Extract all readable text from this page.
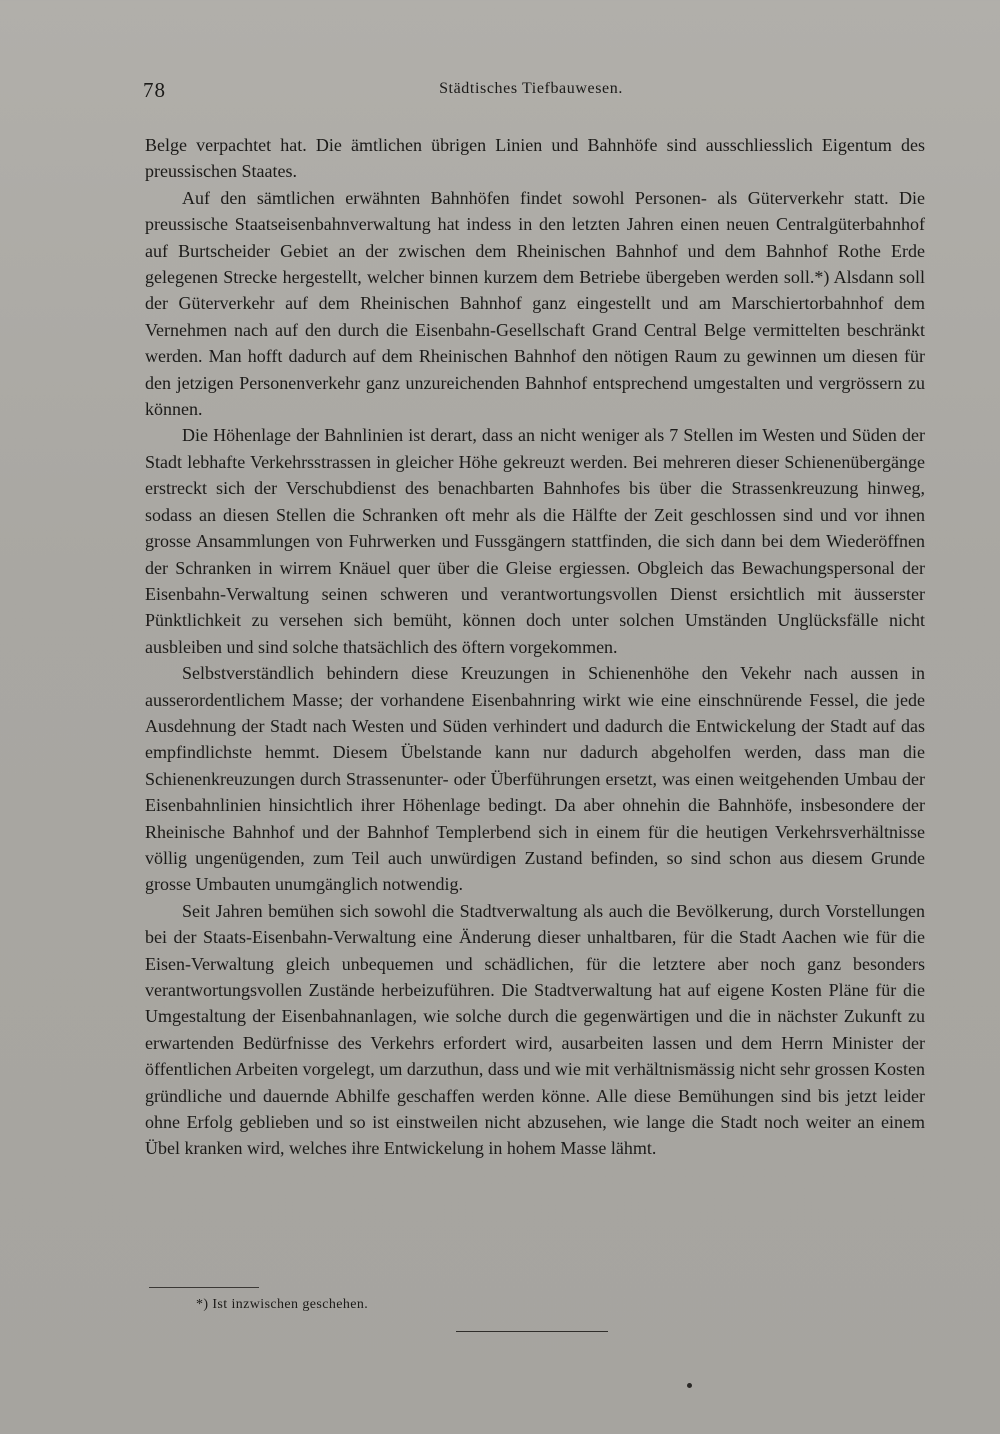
78	Städtisches Tiefbauwesen.

Belge verpachtet hat. Die ämtlichen übrigen Linien und Bahnhöfe sind ausschliesslich Eigentum des preussischen Staates.

Auf den sämtlichen erwähnten Bahnhöfen findet sowohl Personen- als Güterverkehr statt. Die preussische Staatseisenbahnverwaltung hat indess in den letzten Jahren einen neuen Centralgüterbahnhof auf Burtscheider Gebiet an der zwischen dem Rheinischen Bahnhof und dem Bahnhof Rothe Erde gelegenen Strecke hergestellt, welcher binnen kurzem dem Betriebe übergeben werden soll.*) Alsdann soll der Güterverkehr auf dem Rheinischen Bahnhof ganz eingestellt und am Marschiertorbahnhof dem Vernehmen nach auf den durch die Eisenbahn-Gesellschaft Grand Central Belge vermittelten beschränkt werden. Man hofft dadurch auf dem Rheinischen Bahnhof den nötigen Raum zu gewinnen um diesen für den jetzigen Personenverkehr ganz unzureichenden Bahnhof entsprechend umgestalten und vergrössern zu können.

Die Höhenlage der Bahnlinien ist derart, dass an nicht weniger als 7 Stellen im Westen und Süden der Stadt lebhafte Verkehrsstrassen in gleicher Höhe gekreuzt werden. Bei mehreren dieser Schienenübergänge erstreckt sich der Verschubdienst des benachbarten Bahnhofes bis über die Strassenkreuzung hinweg, sodass an diesen Stellen die Schranken oft mehr als die Hälfte der Zeit geschlossen sind und vor ihnen grosse Ansammlungen von Fuhrwerken und Fussgängern stattfinden, die sich dann bei dem Wiederöffnen der Schranken in wirrem Knäuel quer über die Gleise ergiessen. Obgleich das Bewachungspersonal der Eisenbahn-Verwaltung seinen schweren und verantwortungsvollen Dienst ersichtlich mit äusserster Pünktlichkeit zu versehen sich bemüht, können doch unter solchen Umständen Unglücksfälle nicht ausbleiben und sind solche thatsächlich des öftern vorgekommen.

Selbstverständlich behindern diese Kreuzungen in Schienenhöhe den Vekehr nach aussen in ausserordentlichem Masse; der vorhandene Eisenbahnring wirkt wie eine einschnürende Fessel, die jede Ausdehnung der Stadt nach Westen und Süden verhindert und dadurch die Entwickelung der Stadt auf das empfindlichste hemmt. Diesem Übelstande kann nur dadurch abgeholfen werden, dass man die Schienenkreuzungen durch Strassenunter- oder Überführungen ersetzt, was einen weitgehenden Umbau der Eisenbahnlinien hinsichtlich ihrer Höhenlage bedingt. Da aber ohnehin die Bahnhöfe, insbesondere der Rheinische Bahnhof und der Bahnhof Templerbend sich in einem für die heutigen Verkehrsverhältnisse völlig ungenügenden, zum Teil auch unwürdigen Zustand befinden, so sind schon aus diesem Grunde grosse Umbauten unumgänglich notwendig.

Seit Jahren bemühen sich sowohl die Stadtverwaltung als auch die Bevölkerung, durch Vorstellungen bei der Staats-Eisenbahn-Verwaltung eine Änderung dieser unhaltbaren, für die Stadt Aachen wie für die Eisen-Verwaltung gleich unbequemen und schädlichen, für die letztere aber noch ganz besonders verantwortungsvollen Zustände herbeizuführen. Die Stadtverwaltung hat auf eigene Kosten Pläne für die Umgestaltung der Eisenbahnanlagen, wie solche durch die gegenwärtigen und die in nächster Zukunft zu erwartenden Bedürfnisse des Verkehrs erfordert wird, ausarbeiten lassen und dem Herrn Minister der öffentlichen Arbeiten vorgelegt, um darzuthun, dass und wie mit verhältnismässig nicht sehr grossen Kosten gründliche und dauernde Abhilfe geschaffen werden könne. Alle diese Bemühungen sind bis jetzt leider ohne Erfolg geblieben und so ist einstweilen nicht abzusehen, wie lange die Stadt noch weiter an einem Übel kranken wird, welches ihre Entwickelung in hohem Masse lähmt.

*) Ist inzwischen geschehen.
